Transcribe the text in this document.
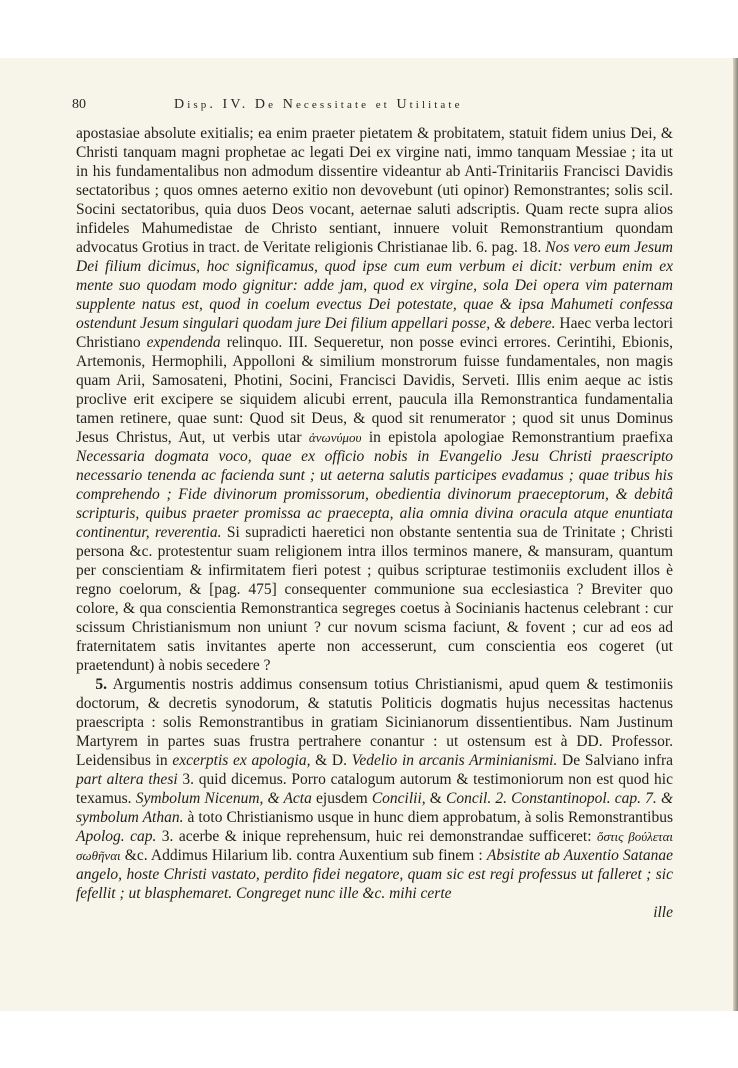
80	Disp. IV. De Necessitate et Utilitate

apostasiae absolute exitialis; ea enim praeter pietatem & probitatem, statuit fidem unius Dei, & Christi tanquam magni prophetae ac legati Dei ex virgine nati, immo tanquam Messiae ; ita ut in his fundamentalibus non admodum dissentire videantur ab Anti-Trinitariis Francisci Davidis sectatoribus ; quos omnes aeterno exitio non devovebunt (uti opinor) Remonstrantes; solis scil. Socini sectatoribus, quia duos Deos vocant, aeternae saluti adscriptis. Quam recte supra alios infideles Mahumedistae de Christo sentiant, innuere voluit Remonstrantium quondam advocatus Grotius in tract. de Veritate religionis Christianae lib. 6. pag. 18. Nos vero eum Jesum Dei filium dicimus, hoc significamus, quod ipse cum eum verbum ei dicit: verbum enim ex mente suo quodam modo gignitur: adde jam, quod ex virgine, sola Dei opera vim paternam supplente natus est, quod in coelum evectus Dei potestate, quae & ipsa Mahumeti confessa ostendunt Jesum singulari quodam jure Dei filium appellari posse, & debere. Haec verba lectori Christiano expendenda relinquo. III. Sequeretur, non posse evinci errores. Cerintihi, Ebionis, Artemonis, Hermophili, Appolloni & similium monstrorum fuisse fundamentales, non magis quam Arii, Samosateni, Photini, Socini, Francisci Davidis, Serveti. Illis enim aeque ac istis proclive erit excipere se siquidem alicubi errent, paucula illa Remonstrantica fundamentalia tamen retinere, quae sunt: Quod sit Deus, & quod sit renumerator ; quod sit unus Dominus Jesus Christus, Aut, ut verbis utar ἀνωνύμου in epistola apologiae Remonstrantium praefixa Necessaria dogmata voco, quae ex officio nobis in Evangelio Jesu Christi praescripto necessario tenenda ac facienda sunt ; ut aeterna salutis participes evadamus ; quae tribus his comprehendo ; Fide divinorum promissorum, obedientia divinorum praeceptorum, & debitâ scripturis, quibus praeter promissa ac praecepta, alia omnia divina oracula atque enuntiata continentur, reverentia. Si supradicti haeretici non obstante sententia sua de Trinitate ; Christi persona &c. protestentur suam religionem intra illos terminos manere, & mansuram, quantum per conscientiam & infirmitatem fieri potest ; quibus scripturae testimoniis excludent illos è regno coelorum, & [pag. 475] consequenter communione sua ecclesiastica ? Breviter quo colore, & qua conscientia Remonstrantica segreges coetus à Socinianis hactenus celebrant : cur scissum Christianismum non uniunt ? cur novum scisma faciunt, & fovent ; cur ad eos ad fraternitatem satis invitantes aperte non accesserunt, cum conscientia eos cogeret (ut praetendunt) à nobis secedere ?

5. Argumentis nostris addimus consensum totius Christianismi, apud quem & testimoniis doctorum, & decretis synodorum, & statutis Politicis dogmatis hujus necessitas hactenus praescripta : solis Remonstrantibus in gratiam Sicinianorum dissentientibus. Nam Justinum Martyrem in partes suas frustra pertrahere conantur : ut ostensum est à DD. Professor. Leidensibus in excerptis ex apologia, & D. Vedelio in arcanis Arminianismi. De Salviano infra part altera thesi 3. quid dicemus. Porro catalogum autorum & testimoniorum non est quod hic texamus. Symbolum Nicenum, & Acta ejusdem Concilii, & Concil. 2. Constantinopol. cap. 7. & symbolum Athan. à toto Christianismo usque in hunc diem approbatum, à solis Remonstrantibus Apolog. cap. 3. acerbe & inique reprehensum, huic rei demonstrandae sufficeret: ὅστις βούλεται σωθῆναι &c. Addimus Hilarium lib. contra Auxentium sub finem : Absistite ab Auxentio Satanae angelo, hoste Christi vastato, perdito fidei negatore, quam sic est regi professus ut falleret ; sic fefellit ; ut blasphemaret. Congreget nunc ille &c. mihi certe

ille
